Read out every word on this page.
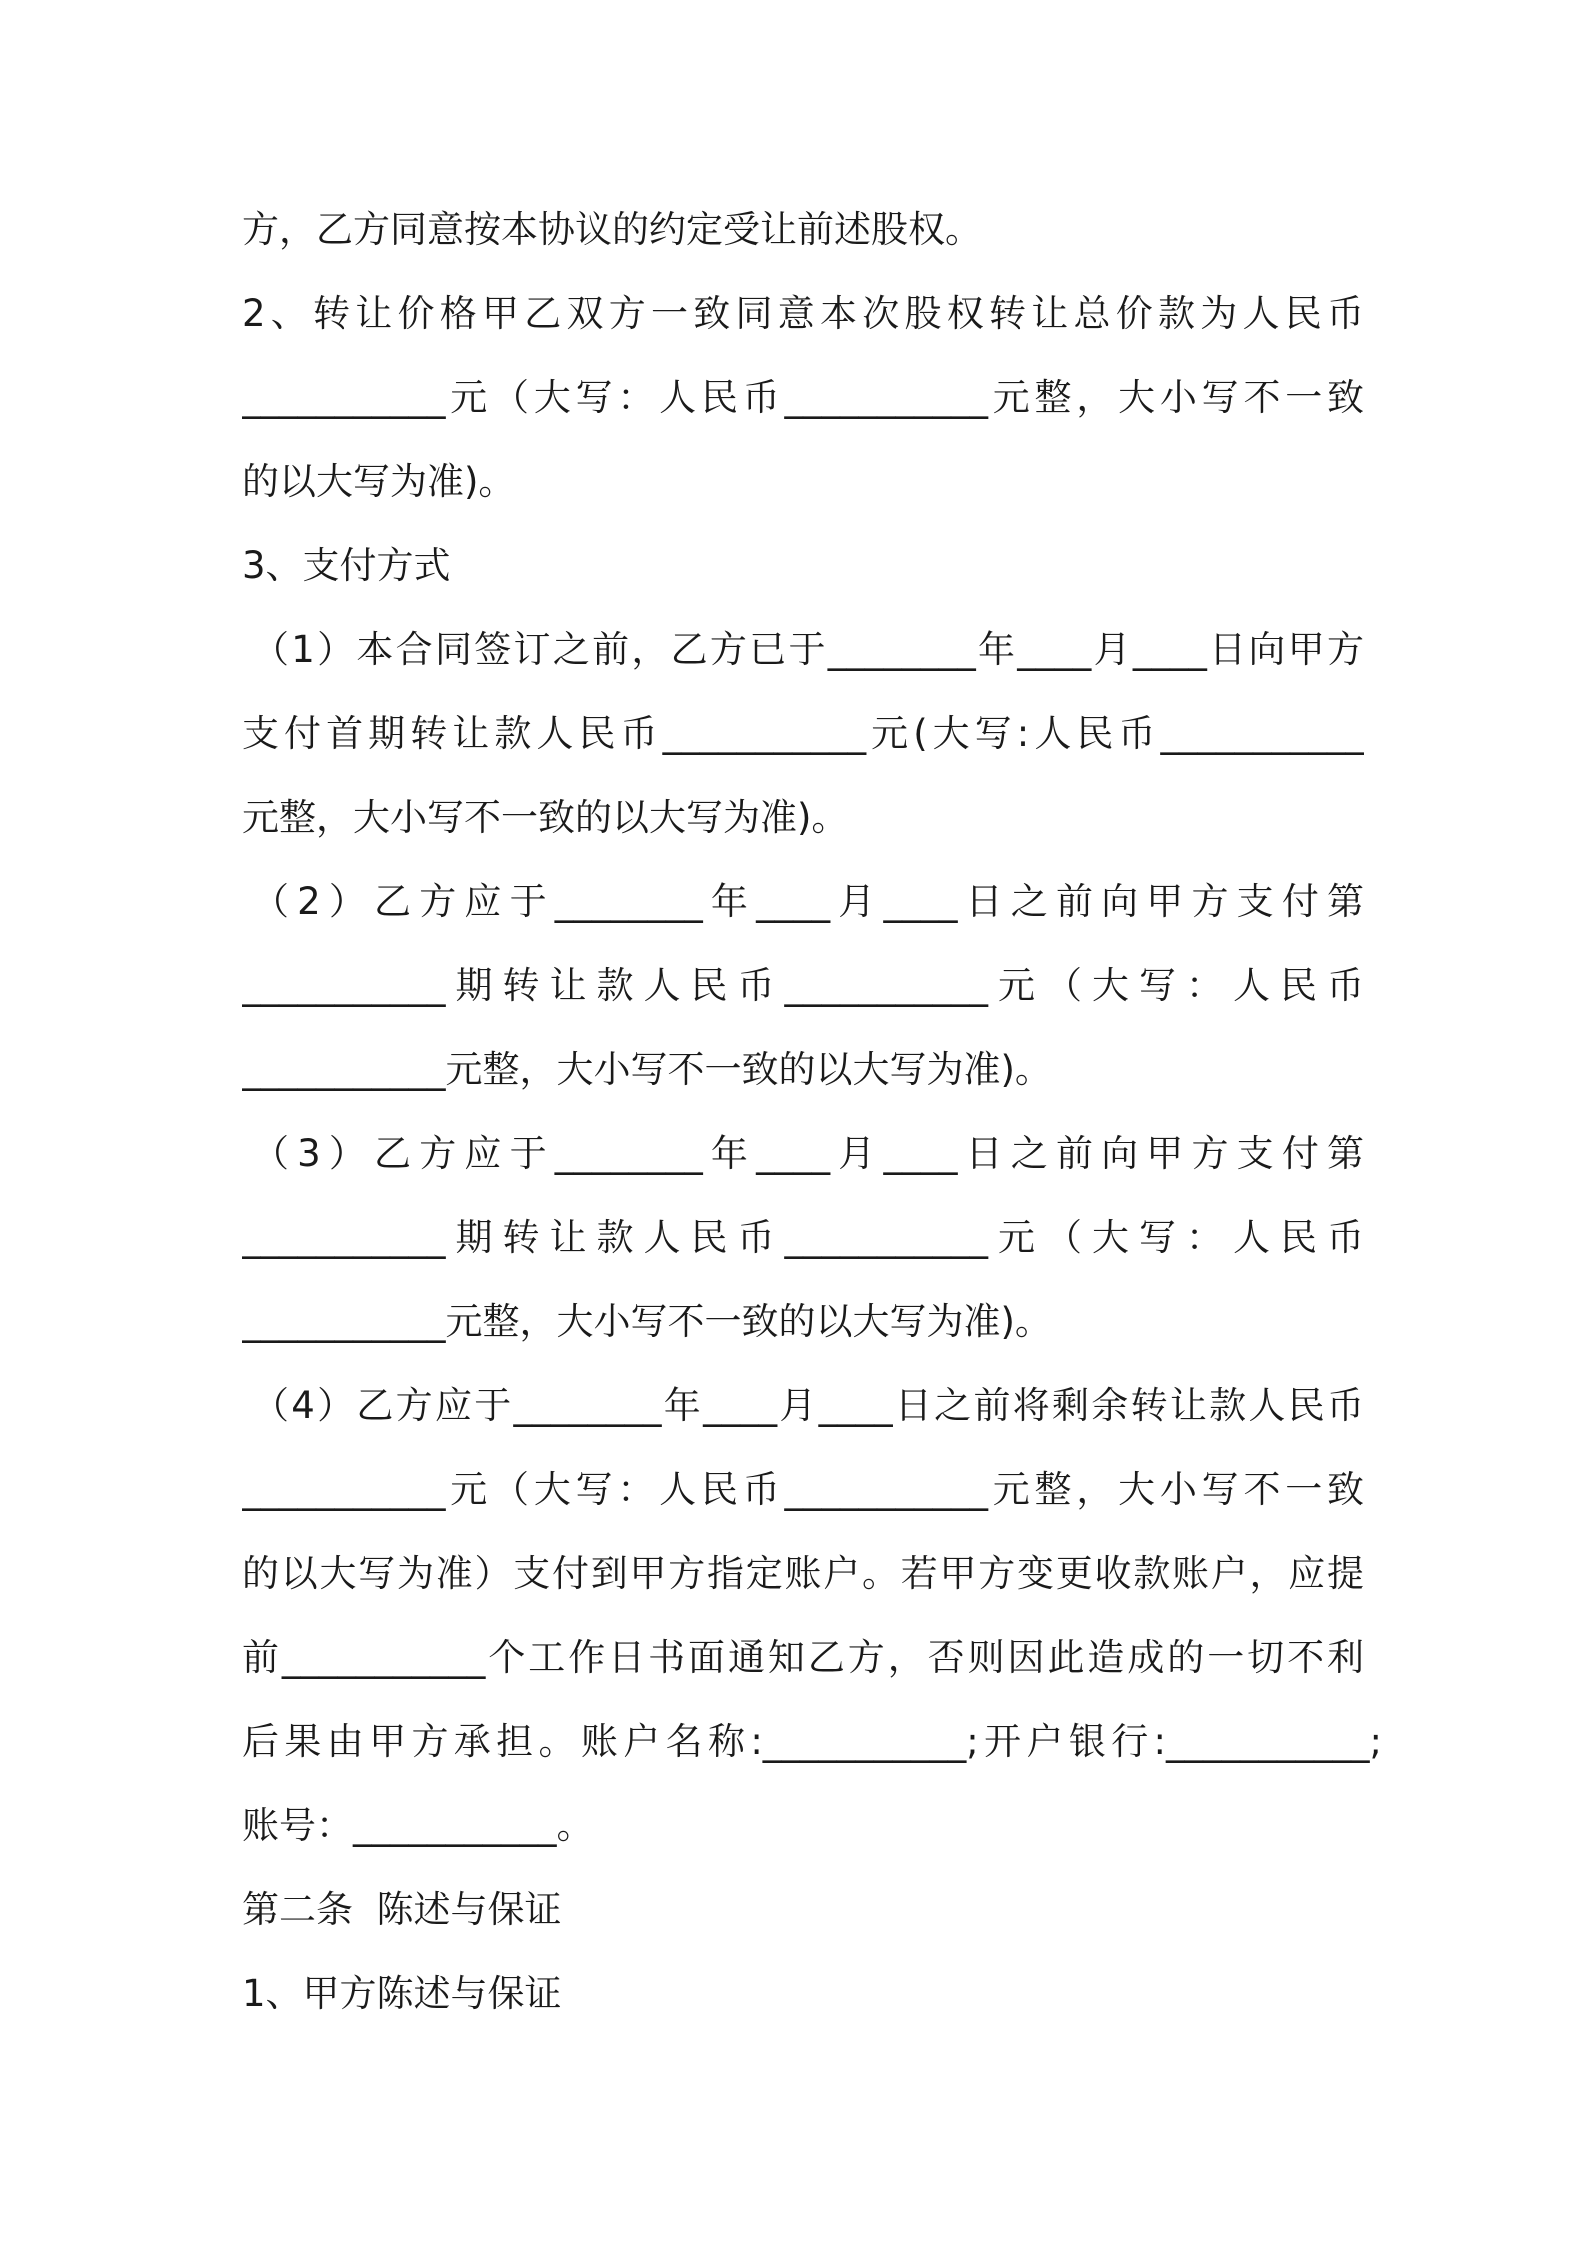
方，乙方同意按本协议的约定受让前述股权。
2、转让价格甲乙双方一致同意本次股权转让总价款为人民币
___________元（大写：人民币___________元整，大小写不一致
的以大写为准)。
3、支付方式
（1）本合同签订之前，乙方已于________年____月____日向甲方
支付首期转让款人民币___________元(大写:人民币___________
元整，大小写不一致的以大写为准)。
（2）乙方应于________年____月____日之前向甲方支付第
___________期转让款人民币___________元（大写：人民币
___________元整，大小写不一致的以大写为准)。
（3）乙方应于________年____月____日之前向甲方支付第
___________期转让款人民币___________元（大写：人民币
___________元整，大小写不一致的以大写为准)。
（4）乙方应于________年____月____日之前将剩余转让款人民币
___________元（大写：人民币___________元整，大小写不一致
的以大写为准）支付到甲方指定账户。若甲方变更收款账户，应提
前___________个工作日书面通知乙方，否则因此造成的一切不利
后果由甲方承担。账户名称:___________;开户银行:___________;
账号：___________。
第二条  陈述与保证
1、甲方陈述与保证
